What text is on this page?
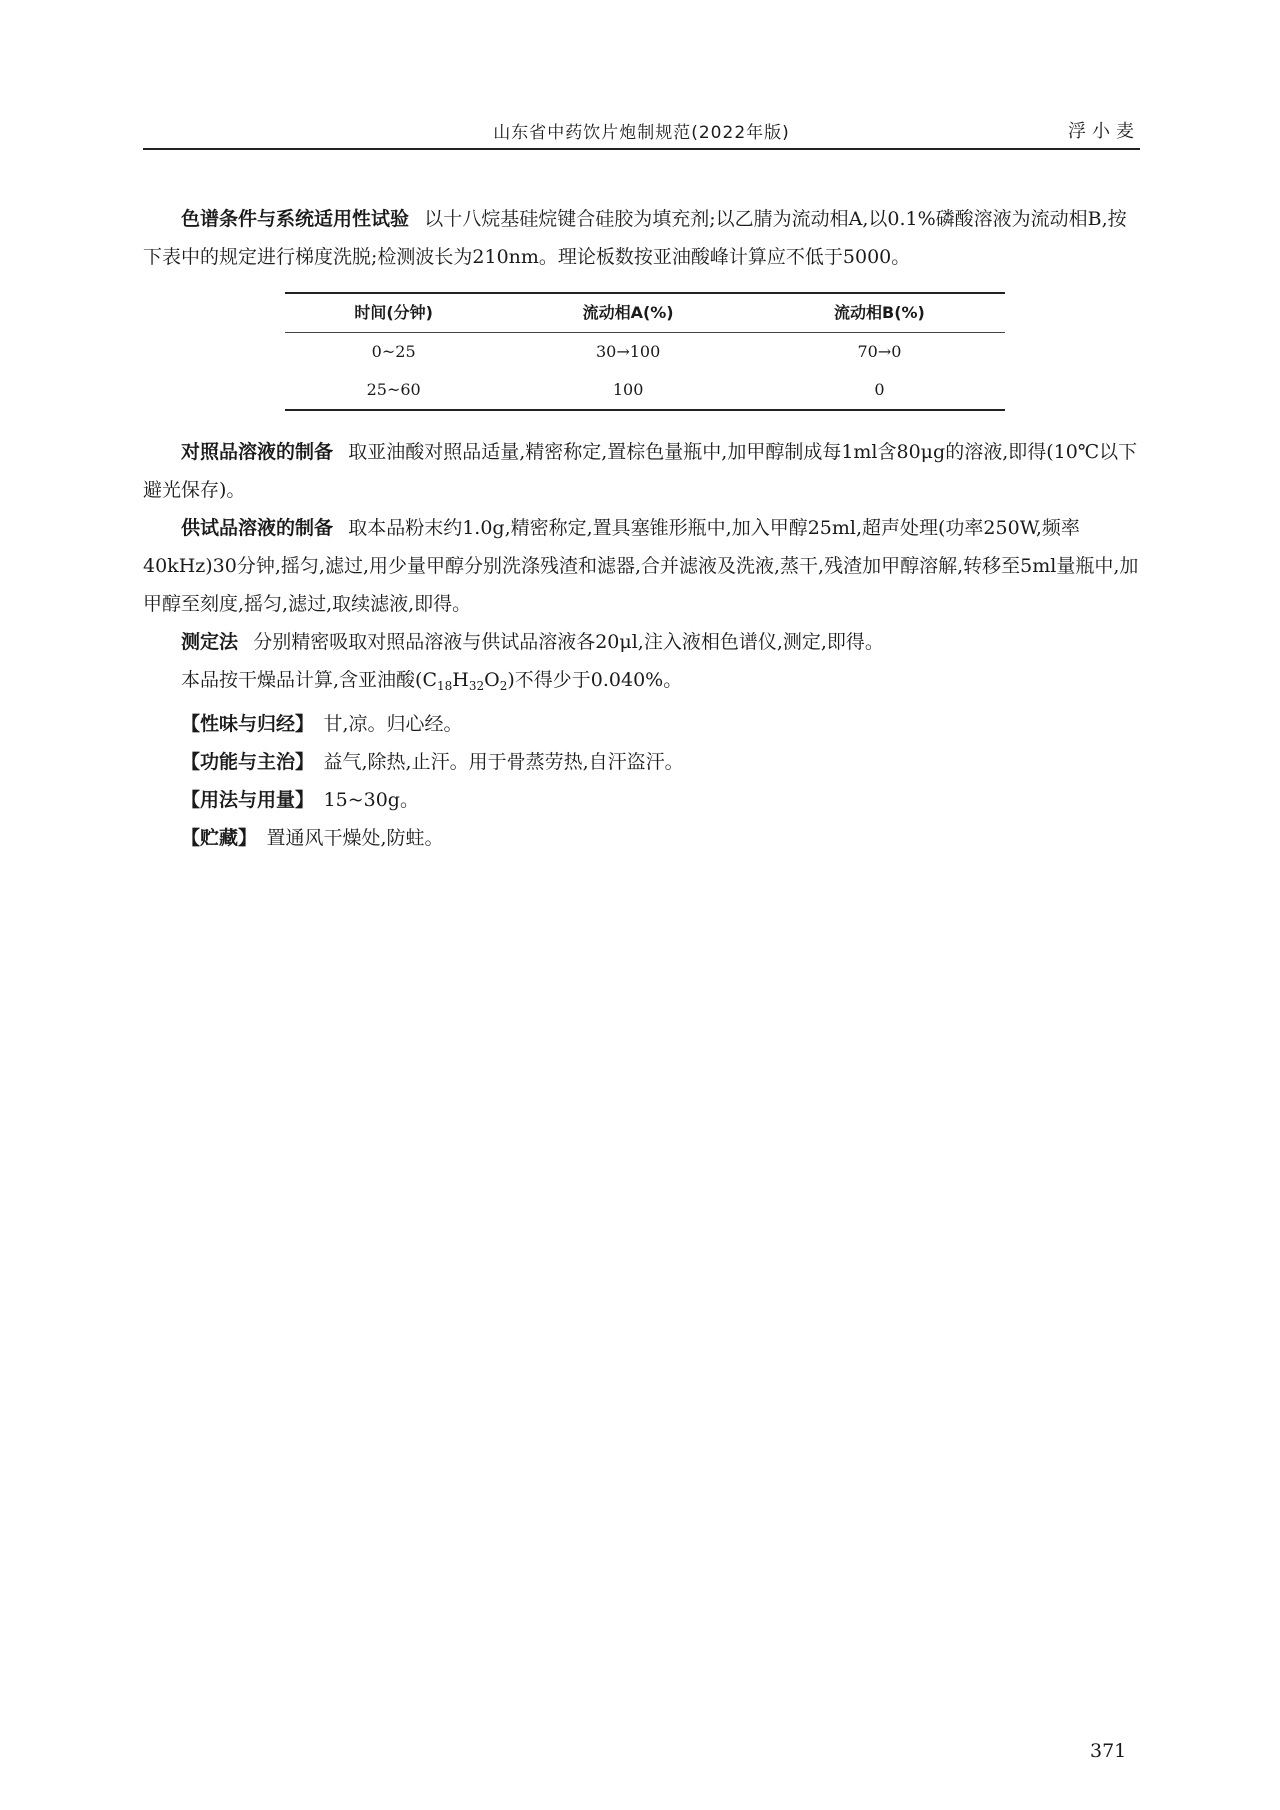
山东省中药饮片炮制规范(2022年版)	浮小麦

色谱条件与系统适用性试验 以十八烷基硅烷键合硅胶为填充剂;以乙腈为流动相A,以0.1%磷酸溶液为流动相B,按下表中的规定进行梯度洗脱;检测波长为210nm。理论板数按亚油酸峰计算应不低于5000。

时间(分钟)	流动相A(%)	流动相B(%)
0~25	30→100	70→0
25~60	100	0

对照品溶液的制备 取亚油酸对照品适量,精密称定,置棕色量瓶中,加甲醇制成每1ml含80μg的溶液,即得(10℃以下避光保存)。

供试品溶液的制备 取本品粉末约1.0g,精密称定,置具塞锥形瓶中,加入甲醇25ml,超声处理(功率250W,频率40kHz)30分钟,摇匀,滤过,用少量甲醇分别洗涤残渣和滤器,合并滤液及洗液,蒸干,残渣加甲醇溶解,转移至5ml量瓶中,加甲醇至刻度,摇匀,滤过,取续滤液,即得。

测定法 分别精密吸取对照品溶液与供试品溶液各20μl,注入液相色谱仪,测定,即得。

本品按干燥品计算,含亚油酸$(C_{18}H_{32}O_2)$不得少于0.040%。

【性味与归经】 甘,凉。归心经。

【功能与主治】 益气,除热,止汗。用于骨蒸劳热,自汗盗汗。

【用法与用量】 15~30g。

【贮藏】 置通风干燥处,防蛀。

371
